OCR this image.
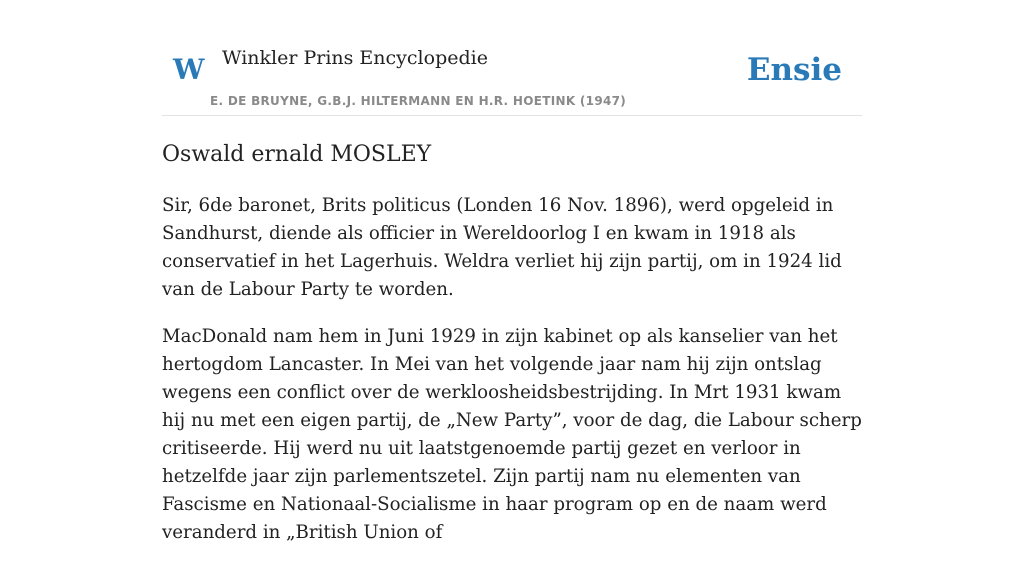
W Winkler Prins Encyclopedie
E. DE BRUYNE, G.B.J. HILTERMANN EN H.R. HOETINK (1947)
Ensie
Oswald ernald MOSLEY

Sir, 6de baronet, Brits politicus (Londen 16 Nov. 1896), werd opgeleid in Sandhurst, diende als officier in Wereldoorlog I en kwam in 1918 als conservatief in het Lagerhuis. Weldra verliet hij zijn partij, om in 1924 lid van de Labour Party te worden.

MacDonald nam hem in Juni 1929 in zijn kabinet op als kanselier van het hertogdom Lancaster. In Mei van het volgende jaar nam hij zijn ontslag wegens een conflict over de werkloosheidsbestrijding. In Mrt 1931 kwam hij nu met een eigen partij, de „New Party”, voor de dag, die Labour scherp critiseerde. Hij werd nu uit laatstgenoemde partij gezet en verloor in hetzelfde jaar zijn parlementszetel. Zijn partij nam nu elementen van Fascisme en Nationaal-Socialisme in haar program op en de naam werd veranderd in „British Union of
